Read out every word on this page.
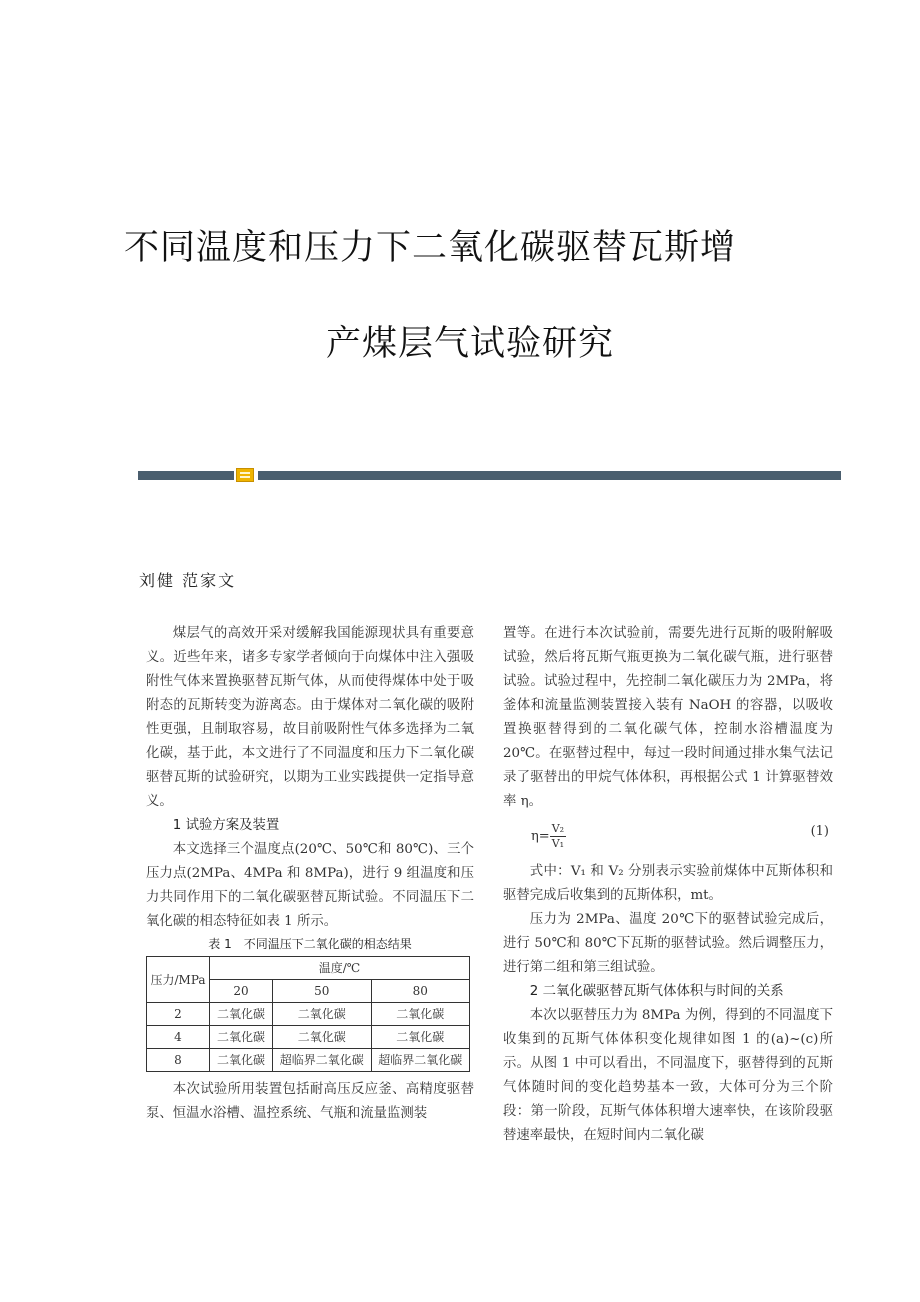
不同温度和压力下二氧化碳驱替瓦斯增
产煤层气试验研究
刘健 范家文

煤层气的高效开采对缓解我国能源现状具有重要意义。近些年来，诸多专家学者倾向于向煤体中注入强吸附性气体来置换驱替瓦斯气体，从而使得煤体中处于吸附态的瓦斯转变为游离态。由于煤体对二氧化碳的吸附性更强，且制取容易，故目前吸附性气体多选择为二氧化碳，基于此，本文进行了不同温度和压力下二氧化碳驱替瓦斯的试验研究，以期为工业实践提供一定指导意义。

1 试验方案及装置

本文选择三个温度点(20℃、50℃和 80℃)、三个压力点(2MPa、4MPa 和 8MPa)，进行 9 组温度和压力共同作用下的二氧化碳驱替瓦斯试验。不同温压下二氧化碳的相态特征如表 1 所示。

表 1　不同温压下二氧化碳的相态结果

压力/MPa	温度/℃		
	20	50	80
2	二氧化碳	二氧化碳	二氧化碳
4	二氧化碳	二氧化碳	二氧化碳
8	二氧化碳	超临界二氧化碳	超临界二氧化碳

本次试验所用装置包括耐高压反应釜、高精度驱替泵、恒温水浴槽、温控系统、气瓶和流量监测装

置等。在进行本次试验前，需要先进行瓦斯的吸附解吸试验，然后将瓦斯气瓶更换为二氧化碳气瓶，进行驱替试验。试验过程中，先控制二氧化碳压力为 2MPa，将釜体和流量监测装置接入装有 NaOH 的容器，以吸收置换驱替得到的二氧化碳气体，控制水浴槽温度为 20℃。在驱替过程中，每过一段时间通过排水集气法记录了驱替出的甲烷气体体积，再根据公式 1 计算驱替效率 η。

$\eta= \frac{\text{V₂}}{\text{V₁}}$	(1)

式中：V₁ 和 V₂ 分别表示实验前煤体中瓦斯体积和驱替完成后收集到的瓦斯体积，mt。

压力为 2MPa、温度 20℃下的驱替试验完成后，进行 50℃和 80℃下瓦斯的驱替试验。然后调整压力，进行第二组和第三组试验。

2 二氧化碳驱替瓦斯气体体积与时间的关系

本次以驱替压力为 8MPa 为例，得到的不同温度下收集到的瓦斯气体体积变化规律如图 1 的(a)~(c)所示。从图 1 中可以看出，不同温度下，驱替得到的瓦斯气体随时间的变化趋势基本一致，大体可分为三个阶段：第一阶段，瓦斯气体体积增大速率快，在该阶段驱替速率最快，在短时间内二氧化碳
